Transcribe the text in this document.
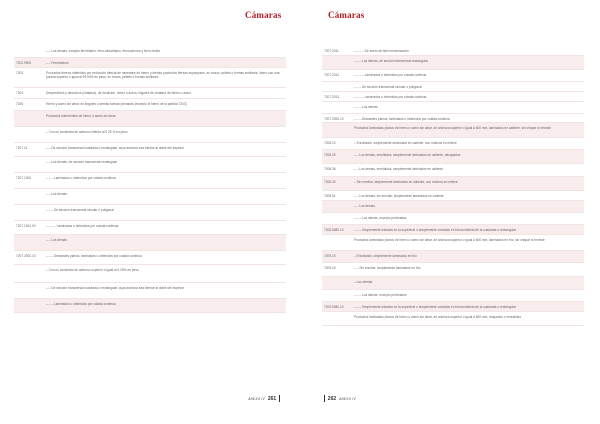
Cámaras
– – Los demás, excepto ferrotitanio, ferro-silicotitanio, ferrocarbono y ferro-niobio
7202.9900	– – Ferrofósforo
7203	Productos férreos obtenidos por reducción directa de minerales de hierro y demás productos férreos esponjosos, en trozos, pellets o formas similares; hierro con una pureza superior o igual al 99,94% en peso, en trozos, pellets o formas similares
7204	Desperdicios y desechos (chatarra), de fundición, hierro o acero; lingotes de chatarra de hierro o acero
7206	Hierro y acero sin alear, en lingotes o demás formas primarias (excepto el hierro de la partida 7203)
Productos intermedios de hierro o acero sin alear
– Con un contenido de carbono inferior al 0,25 % en peso
7207.11	– – De sección transversal cuadrada o rectangular, cuya anchura sea inferior al doble del espesor
– – Los demás, de sección transversal rectangular
7207.1200	– – – Laminados u obtenidos por colada continua
– – Los demás
– – – De sección transversal circular o poligonal
7207.1912.00	– – – – Laminados u obtenidos por colada continua
– – Los demás
7207.2000.10	– – – Desbastes planos, laminados u obtenidos por colada continua
– Con un contenido de carbono superior o igual al 0,25% en peso
– – De sección transversal cuadrada o rectangular, cuya anchura sea inferior al doble del espesor
– – – Laminados u obtenidos por colada continua
ANEXO IV 261
Cámaras
7207.2011	– – – – De acero de fácil mecanización
– – – Los demás, de sección transversal rectangular
7207.2012	– – – – Laminados u obtenidos por colada continua
– – – De sección transversal circular o poligonal
7207.2013	– – – – Laminados u obtenidos por colada continua
– – – Los demás
7207.2090.10	– – – Desbastes planos, laminados u obtenidos por colada continua
Productos laminados planos de hierro o acero sin alear, de anchura superior o igual a 600 mm, laminados en caliente, sin chapar ni revestir
7208.10	– Enrollados, simplemente laminados en caliente, con motivos en relieve
7208.25	– – Los demás, enrollados, simplemente laminados en caliente, decapados
7208.36	– – Los demás, enrollados, simplemente laminados en caliente
7208.40	– Sin enrollar, simplemente laminados en caliente, con motivos en relieve
7208.51	– – Los demás, sin enrollar, simplemente laminados en caliente
– – Los demás
– – – Los demás, excepto perforados
7208.9080.10	– – – Simplemente tratados en la superficie o simplemente cortados en forma distinta de la cuadrada o rectangular
Productos laminados planos de hierro o acero sin alear, de anchura superior o igual a 600 mm, laminados en frío, sin chapar ni revestir
7209.15	– Enrollados, simplemente laminados en frío
7209.16	– – Sin enrollar, simplemente laminados en frío
– Los demás
– – – Los demás, excepto perforados
7209.9080.10	– – – Simplemente tratados en la superficie o simplemente cortados en forma distinta de la cuadrada o rectangular
Productos laminados planos de hierro o acero sin alear, de anchura superior o igual a 600 mm, chapados o revestidos
262 ANEXO IV
